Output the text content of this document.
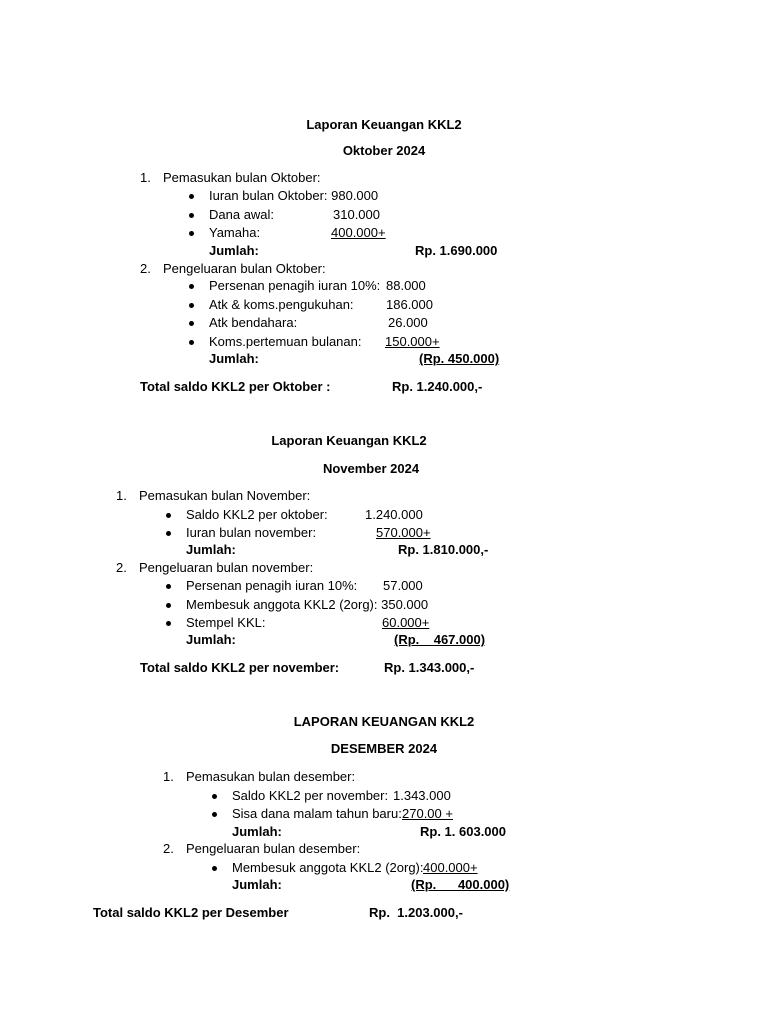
Laporan Keuangan KKL2
Oktober 2024
1. Pemasukan bulan Oktober:
Iuran bulan Oktober: 980.000
Dana awal:	310.000
Yamaha:	400.000+
Jumlah:	Rp. 1.690.000
2. Pengeluaran bulan Oktober:
Persenan penagih iuran 10%: 88.000
Atk & koms.pengukuhan: 186.000
Atk bendahara:	26.000
Koms.pertemuan bulanan: 150.000+
Jumlah:	(Rp. 450.000)
Total saldo KKL2 per Oktober :	Rp. 1.240.000,-
Laporan Keuangan KKL2
November 2024
1. Pemasukan bulan November:
Saldo KKL2 per oktober:	1.240.000
Iuran bulan november:	570.000+
Jumlah:	Rp. 1.810.000,-
2. Pengeluaran bulan november:
Persenan penagih iuran 10%: 57.000
Membesuk anggota KKL2 (2org): 350.000
Stempel KKL:	60.000+
Jumlah:	(Rp.    467.000)
Total saldo KKL2 per november:	Rp. 1.343.000,-
LAPORAN KEUANGAN KKL2
DESEMBER 2024
1. Pemasukan bulan desember:
Saldo KKL2 per november: 1.343.000
Sisa dana malam tahun baru: 270.00 +
Jumlah:	Rp. 1. 603.000
2. Pengeluaran bulan desember:
Membesuk anggota KKL2 (2org): 400.000+
Jumlah:	(Rp.      400.000)
Total saldo KKL2 per Desember	Rp.  1.203.000,-
